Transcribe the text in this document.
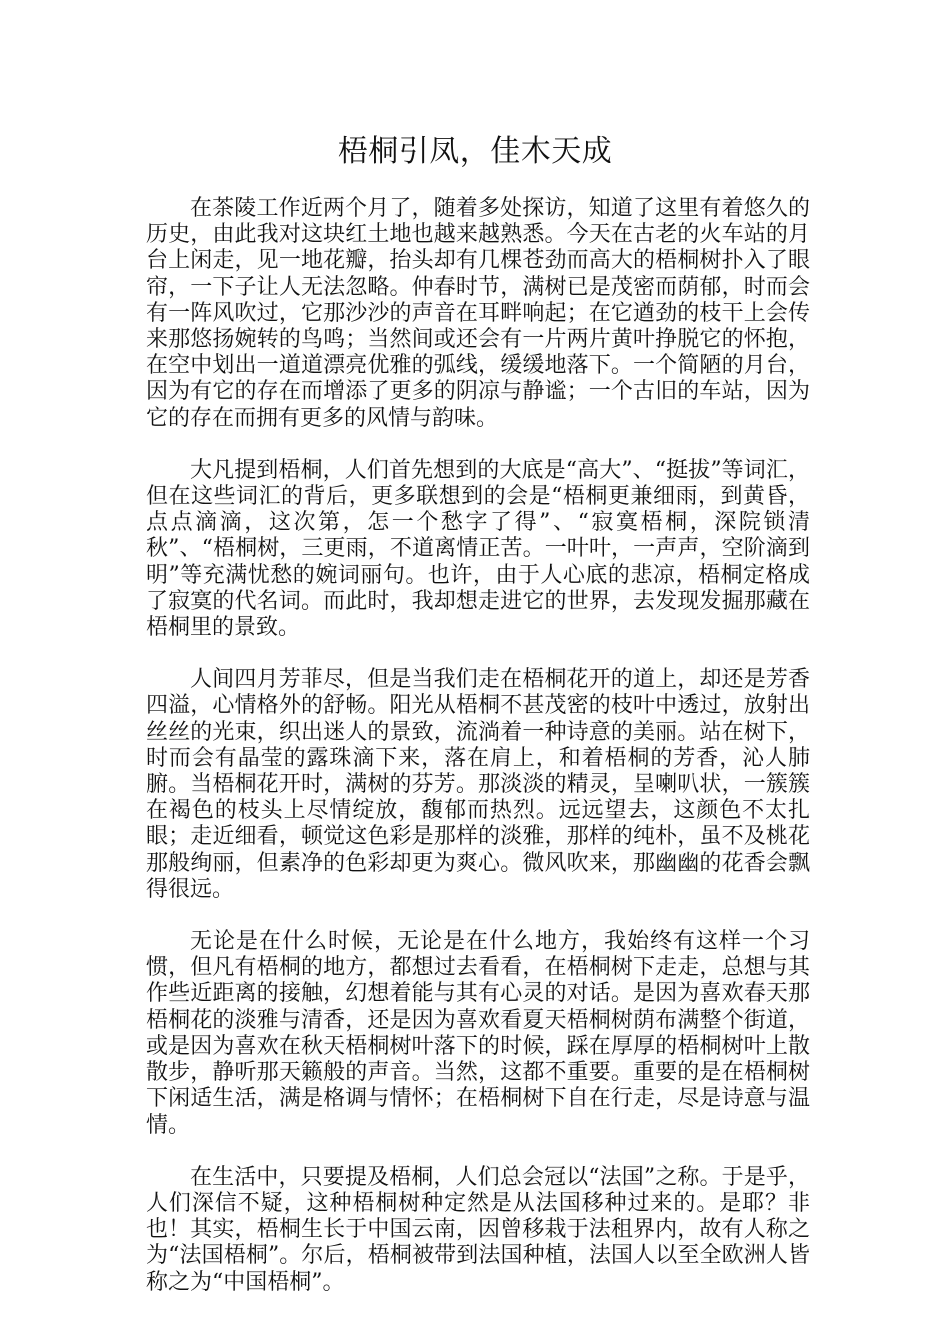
梧桐引凤，佳木天成

在茶陵工作近两个月了，随着多处探访，知道了这里有着悠久的历史，由此我对这块红土地也越来越熟悉。今天在古老的火车站的月台上闲走，见一地花瓣，抬头却有几棵苍劲而高大的梧桐树扑入了眼帘，一下子让人无法忽略。仲春时节，满树已是茂密而荫郁，时而会有一阵风吹过，它那沙沙的声音在耳畔响起；在它遒劲的枝干上会传来那悠扬婉转的鸟鸣；当然间或还会有一片两片黄叶挣脱它的怀抱，在空中划出一道道漂亮优雅的弧线，缓缓地落下。一个简陋的月台，因为有它的存在而增添了更多的阴凉与静谧；一个古旧的车站，因为它的存在而拥有更多的风情与韵味。

大凡提到梧桐，人们首先想到的大底是“高大”、“挺拔”等词汇，但在这些词汇的背后，更多联想到的会是“梧桐更兼细雨，到黄昏，点点滴滴，这次第，怎一个愁字了得”、“寂寞梧桐，深院锁清秋”、“梧桐树，三更雨，不道离情正苦。一叶叶，一声声，空阶滴到明”等充满忧愁的婉词丽句。也许，由于人心底的悲凉，梧桐定格成了寂寞的代名词。而此时，我却想走进它的世界，去发现发掘那藏在梧桐里的景致。

人间四月芳菲尽，但是当我们走在梧桐花开的道上，却还是芳香四溢，心情格外的舒畅。阳光从梧桐不甚茂密的枝叶中透过，放射出丝丝的光束，织出迷人的景致，流淌着一种诗意的美丽。站在树下，时而会有晶莹的露珠滴下来，落在肩上，和着梧桐的芳香，沁人肺腑。当梧桐花开时，满树的芬芳。那淡淡的精灵，呈喇叭状，一簇簇在褐色的枝头上尽情绽放，馥郁而热烈。远远望去，这颜色不太扎眼；走近细看，顿觉这色彩是那样的淡雅，那样的纯朴，虽不及桃花那般绚丽，但素净的色彩却更为爽心。微风吹来，那幽幽的花香会飘得很远。

无论是在什么时候，无论是在什么地方，我始终有这样一个习惯，但凡有梧桐的地方，都想过去看看，在梧桐树下走走，总想与其作些近距离的接触，幻想着能与其有心灵的对话。是因为喜欢春天那梧桐花的淡雅与清香，还是因为喜欢看夏天梧桐树荫布满整个街道，或是因为喜欢在秋天梧桐树叶落下的时候，踩在厚厚的梧桐树叶上散散步，静听那天籁般的声音。当然，这都不重要。重要的是在梧桐树下闲适生活，满是格调与情怀；在梧桐树下自在行走，尽是诗意与温情。

在生活中，只要提及梧桐，人们总会冠以“法国”之称。于是乎，人们深信不疑，这种梧桐树种定然是从法国移种过来的。是耶？非也！其实，梧桐生长于中国云南，因曾移栽于法租界内，故有人称之为“法国梧桐”。尔后，梧桐被带到法国种植，法国人以至全欧洲人皆称之为“中国梧桐”。
